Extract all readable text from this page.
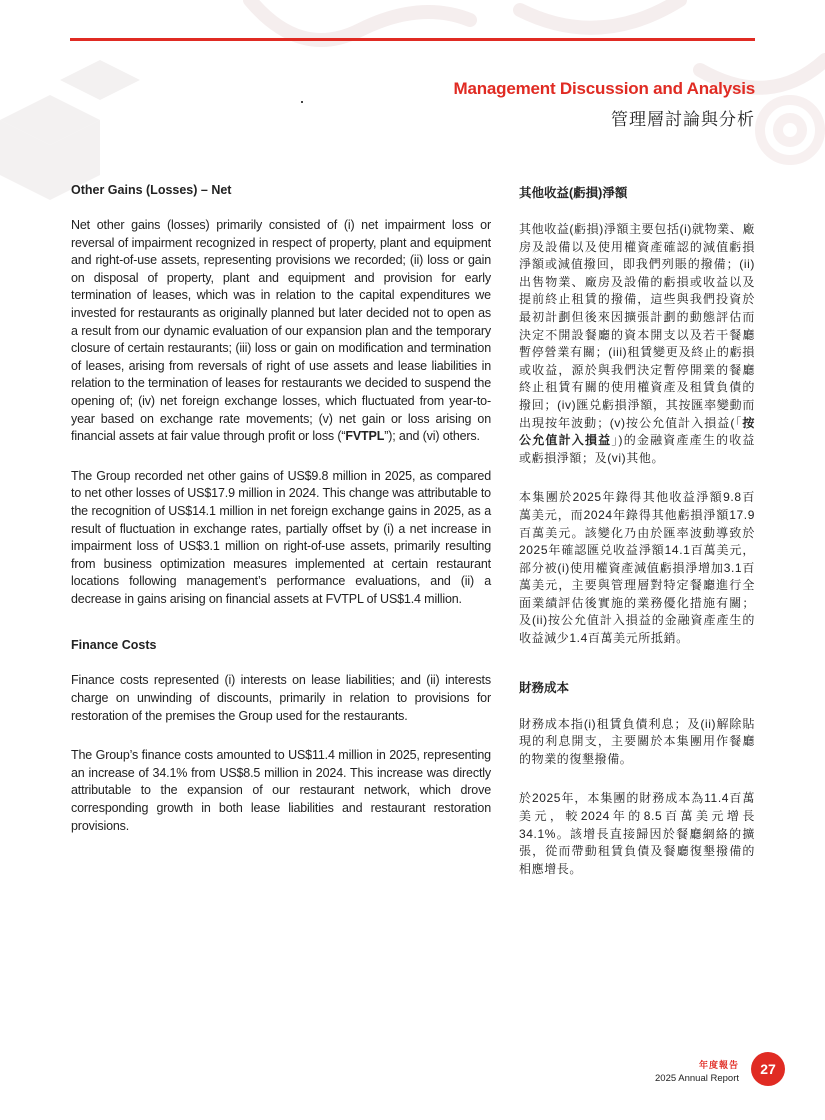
Management Discussion and Analysis
管理層討論與分析
Other Gains (Losses) – Net

Net other gains (losses) primarily consisted of (i) net impairment loss or reversal of impairment recognized in respect of property, plant and equipment and right-of-use assets, representing provisions we recorded; (ii) loss or gain on disposal of property, plant and equipment and provision for early termination of leases, which was in relation to the capital expenditures we invested for restaurants as originally planned but later decided not to open as a result from our dynamic evaluation of our expansion plan and the temporary closure of certain restaurants; (iii) loss or gain on modification and termination of leases, arising from reversals of right of use assets and lease liabilities in relation to the termination of leases for restaurants we decided to suspend the opening of; (iv) net foreign exchange losses, which fluctuated from year-to-year based on exchange rate movements; (v) net gain or loss arising on financial assets at fair value through profit or loss (“FVTPL”); and (vi) others.

The Group recorded net other gains of US$9.8 million in 2025, as compared to net other losses of US$17.9 million in 2024. This change was attributable to the recognition of US$14.1 million in net foreign exchange gains in 2025, as a result of fluctuation in exchange rates, partially offset by (i) a net increase in impairment loss of US$3.1 million on right-of-use assets, primarily resulting from business optimization measures implemented at certain restaurant locations following management’s performance evaluations, and (ii) a decrease in gains arising on financial assets at FVTPL of US$1.4 million.

Finance Costs

Finance costs represented (i) interests on lease liabilities; and (ii) interests charge on unwinding of discounts, primarily in relation to provisions for restoration of the premises the Group used for the restaurants.

The Group’s finance costs amounted to US$11.4 million in 2025, representing an increase of 34.1% from US$8.5 million in 2024. This increase was directly attributable to the expansion of our restaurant network, which drove corresponding growth in both lease liabilities and restaurant restoration provisions.

其他收益(虧損)淨額

其他收益(虧損)淨額主要包括(i)就物業、廠房及設備以及使用權資產確認的減值虧損淨額或減值撥回，即我們列賬的撥備；(ii)出售物業、廠房及設備的虧損或收益以及提前終止租賃的撥備，這些與我們投資於最初計劃但後來因擴張計劃的動態評估而決定不開設餐廳的資本開支以及若干餐廳暫停營業有關；(iii)租賃變更及終止的虧損或收益，源於與我們決定暫停開業的餐廳終止租賃有關的使用權資產及租賃負債的撥回；(iv)匯兑虧損淨額，其按匯率變動而出現按年波動；(v)按公允值計入損益(「按公允值計入損益」)的金融資產產生的收益或虧損淨額；及(vi)其他。

本集團於2025年錄得其他收益淨額9.8百萬美元，而2024年錄得其他虧損淨額17.9百萬美元。該變化乃由於匯率波動導致於2025年確認匯兑收益淨額14.1百萬美元，部分被(i)使用權資產減值虧損淨增加3.1百萬美元，主要與管理層對特定餐廳進行全面業績評估後實施的業務優化措施有關；及(ii)按公允值計入損益的金融資產產生的收益減少1.4百萬美元所抵銷。

財務成本

財務成本指(i)租賃負債利息；及(ii)解除貼現的利息開支，主要關於本集團用作餐廳的物業的復墾撥備。

於2025年，本集團的財務成本為11.4百萬美元，較2024年的8.5百萬美元增長34.1%。該增長直接歸因於餐廳網絡的擴張，從而帶動租賃負債及餐廳復墾撥備的相應增長。

年度報告
2025 Annual Report
27
